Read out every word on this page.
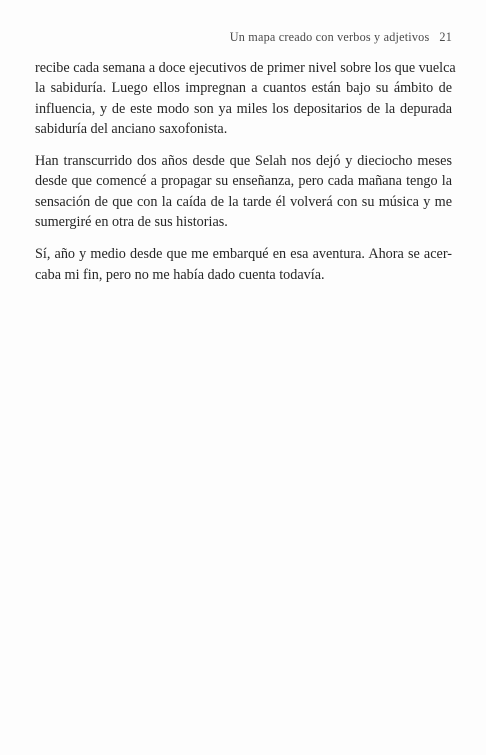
Un mapa creado con verbos y adjetivos 21

recibe cada semana a doce ejecutivos de primer nivel sobre los que vuelca
la sabiduría. Luego ellos impregnan a cuantos están bajo su ámbito de
influencia, y de este modo son ya miles los depositarios de la depurada
sabiduría del anciano saxofonista.

Han transcurrido dos años desde que Selah nos dejó y dieciocho meses
desde que comencé a propagar su enseñanza, pero cada mañana tengo la
sensación de que con la caída de la tarde él volverá con su música y me
sumergiré en otra de sus historias.

Sí, año y medio desde que me embarqué en esa aventura. Ahora se acer-
caba mi fin, pero no me había dado cuenta todavía.
